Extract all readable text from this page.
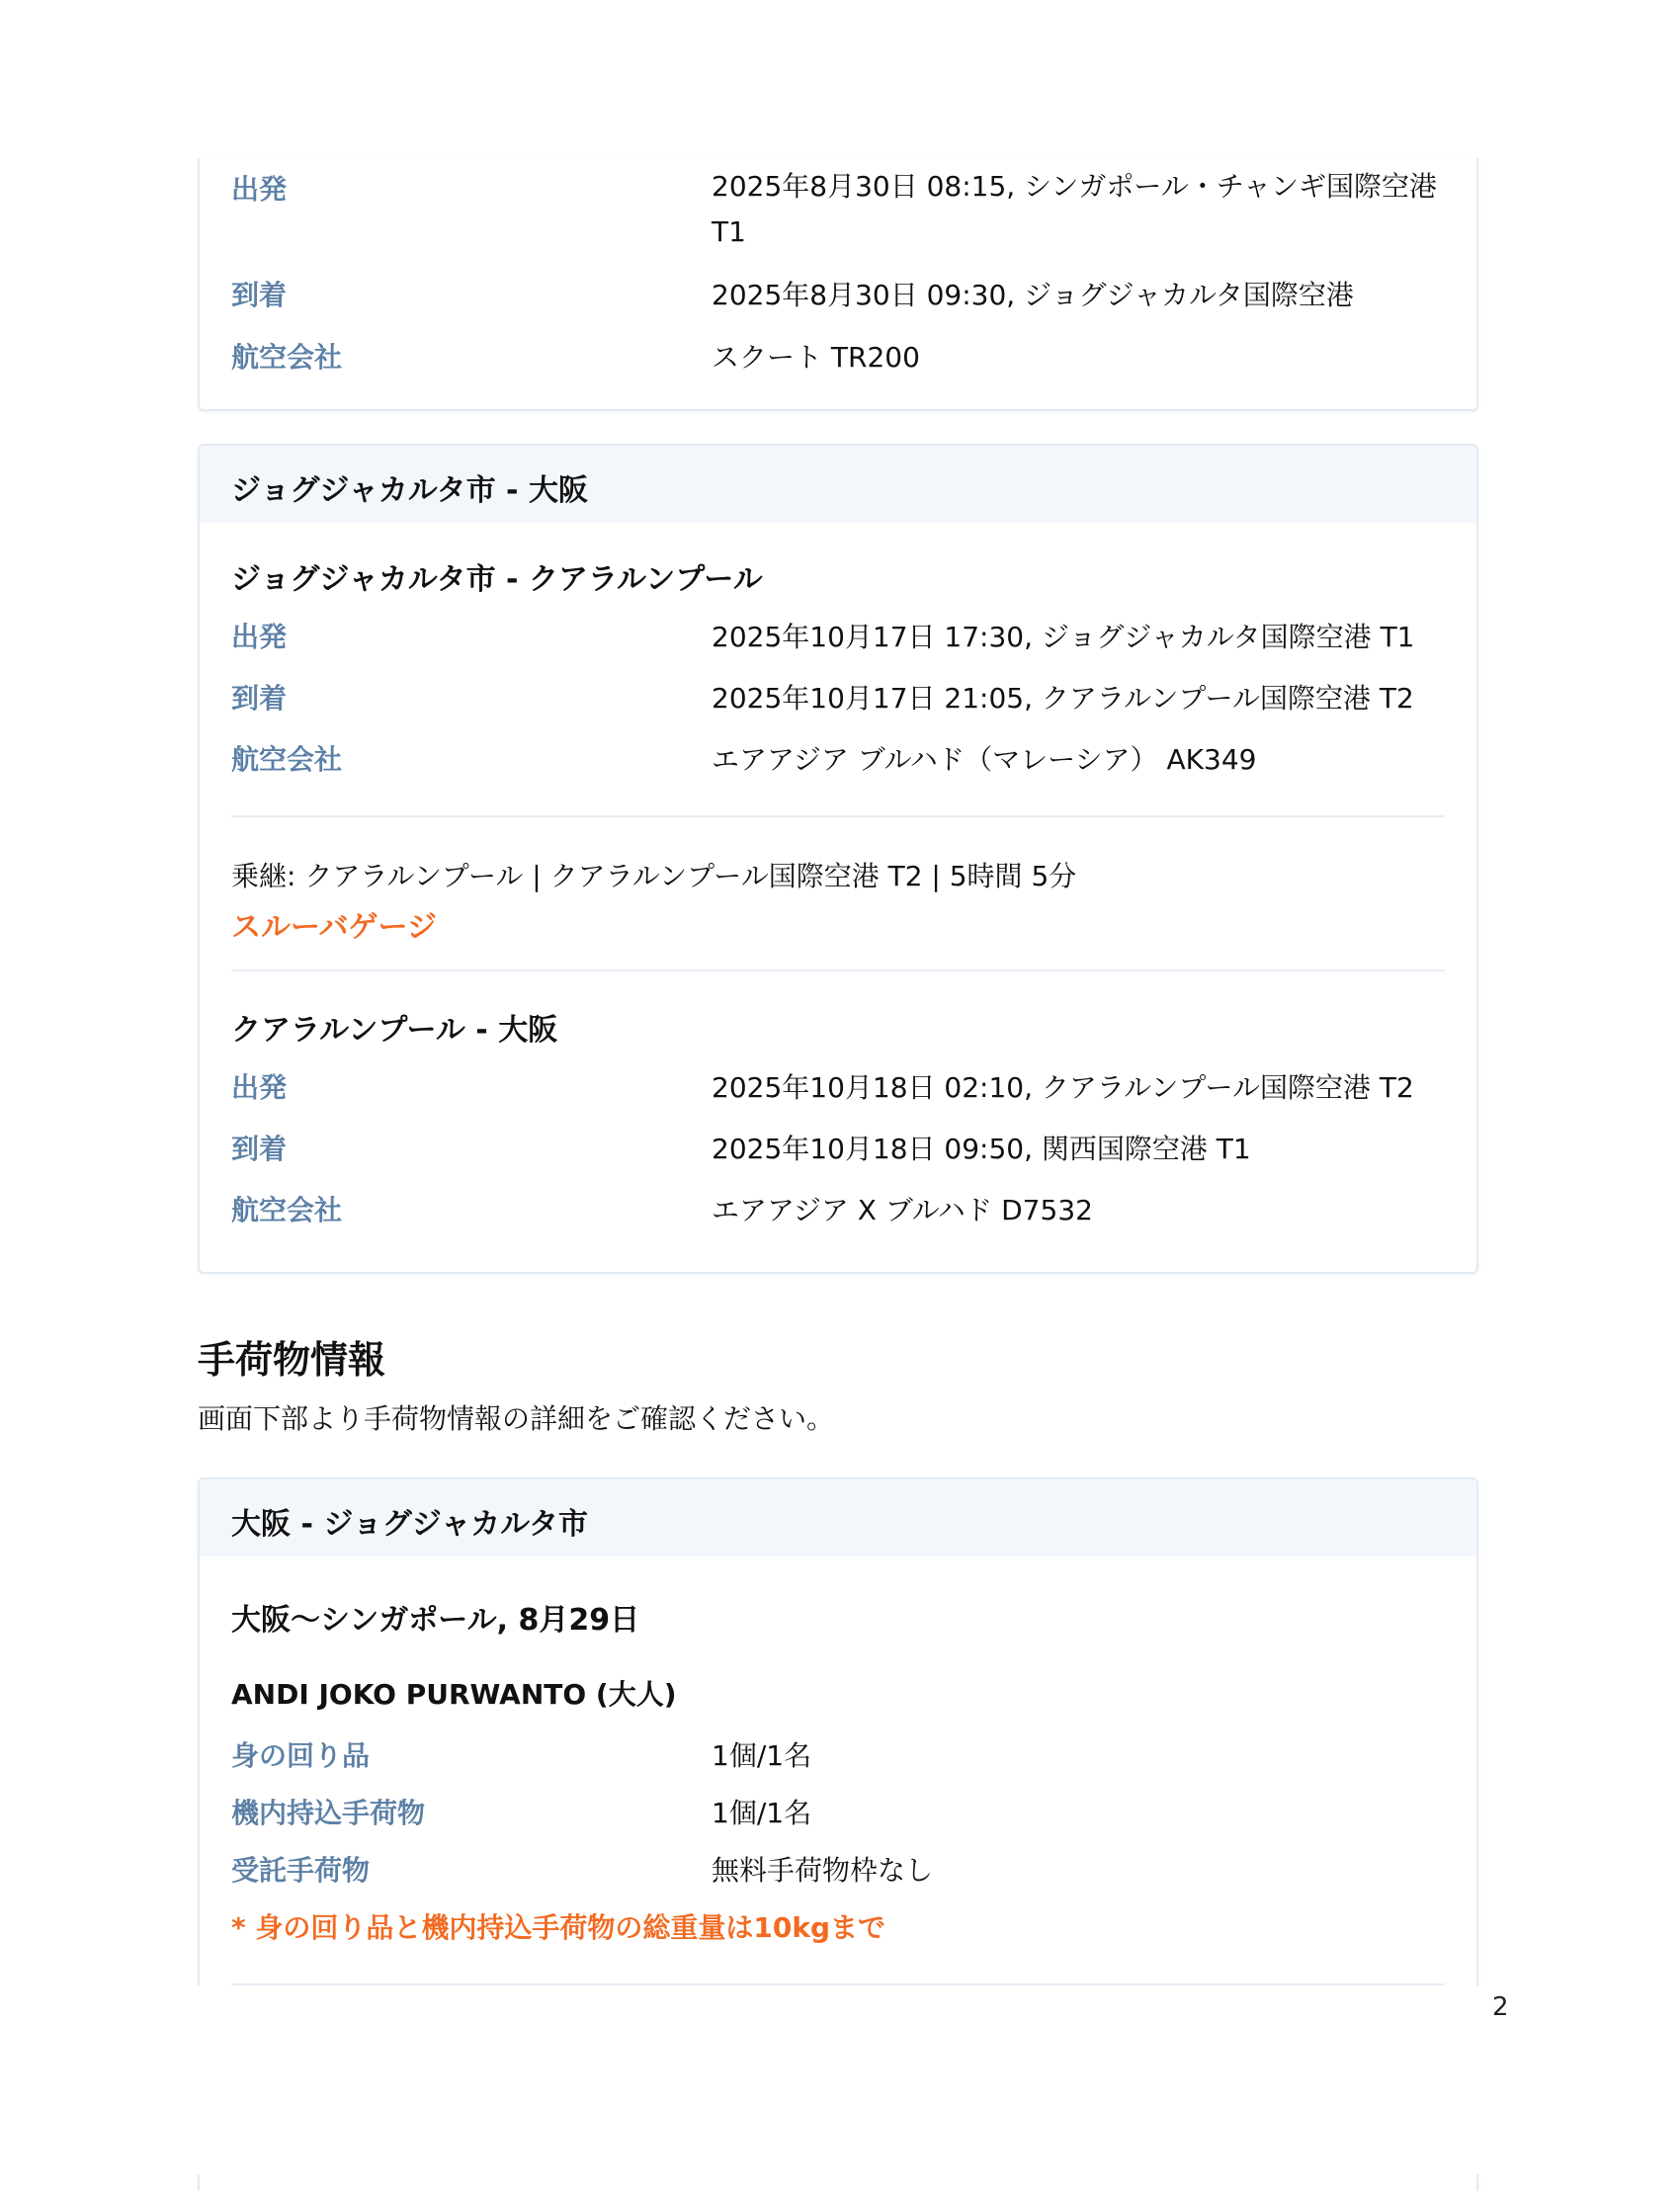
出発	2025年8月30日 08:15, シンガポール・チャンギ国際空港 T1
到着	2025年8月30日 09:30, ジョグジャカルタ国際空港
航空会社	スクート TR200
ジョグジャカルタ市 - 大阪
ジョグジャカルタ市 - クアラルンプール
出発	2025年10月17日 17:30, ジョグジャカルタ国際空港 T1
到着	2025年10月17日 21:05, クアラルンプール国際空港 T2
航空会社	エアアジア ブルハド（マレーシア） AK349
乗継: クアラルンプール | クアラルンプール国際空港 T2 | 5時間 5分
スルーバゲージ
クアラルンプール - 大阪
出発	2025年10月18日 02:10, クアラルンプール国際空港 T2
到着	2025年10月18日 09:50, 関西国際空港 T1
航空会社	エアアジア X ブルハド D7532
手荷物情報
画面下部より手荷物情報の詳細をご確認ください。
大阪 - ジョグジャカルタ市
大阪〜シンガポール, 8月29日
ANDI JOKO PURWANTO (大人)
身の回り品	1個/1名
機内持込手荷物	1個/1名
受託手荷物	無料手荷物枠なし
* 身の回り品と機内持込手荷物の総重量は10kgまで
2
